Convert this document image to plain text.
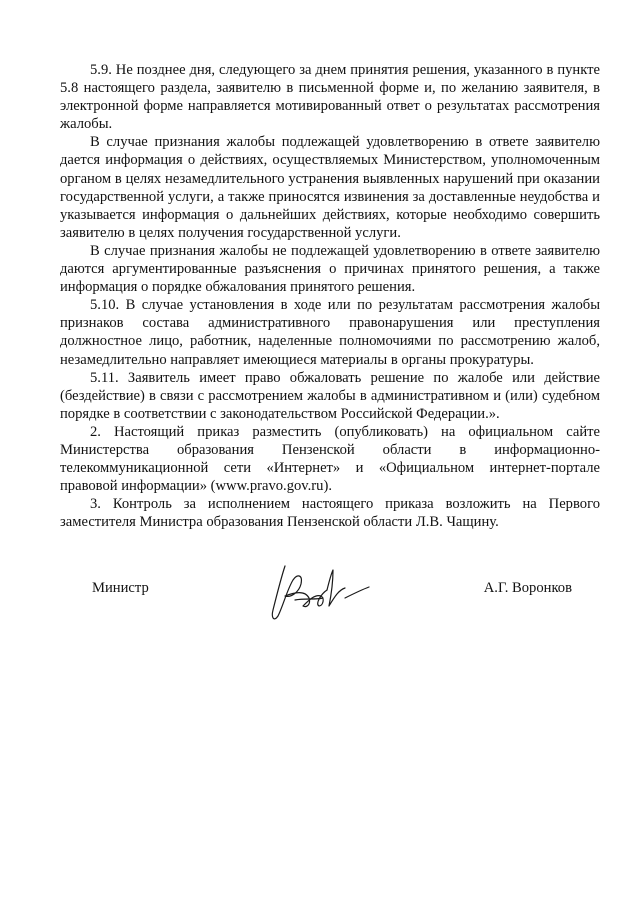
5.9. Не позднее дня, следующего за днем принятия решения, указанного в пункте 5.8 настоящего раздела, заявителю в письменной форме и, по желанию заявителя, в электронной форме направляется мотивированный ответ о результатах рассмотрения жалобы.

В случае признания жалобы подлежащей удовлетворению в ответе заявителю дается информация о действиях, осуществляемых Министерством, уполномоченным органом в целях незамедлительного устранения выявленных нарушений при оказании государственной услуги, а также приносятся извинения за доставленные неудобства и указывается информация о дальнейших действиях, которые необходимо совершить заявителю в целях получения государственной услуги.

В случае признания жалобы не подлежащей удовлетворению в ответе заявителю даются аргументированные разъяснения о причинах принятого решения, а также информация о порядке обжалования принятого решения.

5.10. В случае установления в ходе или по результатам рассмотрения жалобы признаков состава административного правонарушения или преступления должностное лицо, работник, наделенные полномочиями по рассмотрению жалоб, незамедлительно направляет имеющиеся материалы в органы прокуратуры.

5.11. Заявитель имеет право обжаловать решение по жалобе или действие (бездействие) в связи с рассмотрением жалобы в административном и (или) судебном порядке в соответствии с законодательством Российской Федерации.».

2. Настоящий приказ разместить (опубликовать) на официальном сайте Министерства образования Пензенской области в информационно-телекоммуникационной сети «Интернет» и «Официальном интернет-портале правовой информации» (www.pravo.gov.ru).

3. Контроль за исполнением настоящего приказа возложить на Первого заместителя Министра образования Пензенской области Л.В. Чащину.

Министр	А.Г. Воронков
